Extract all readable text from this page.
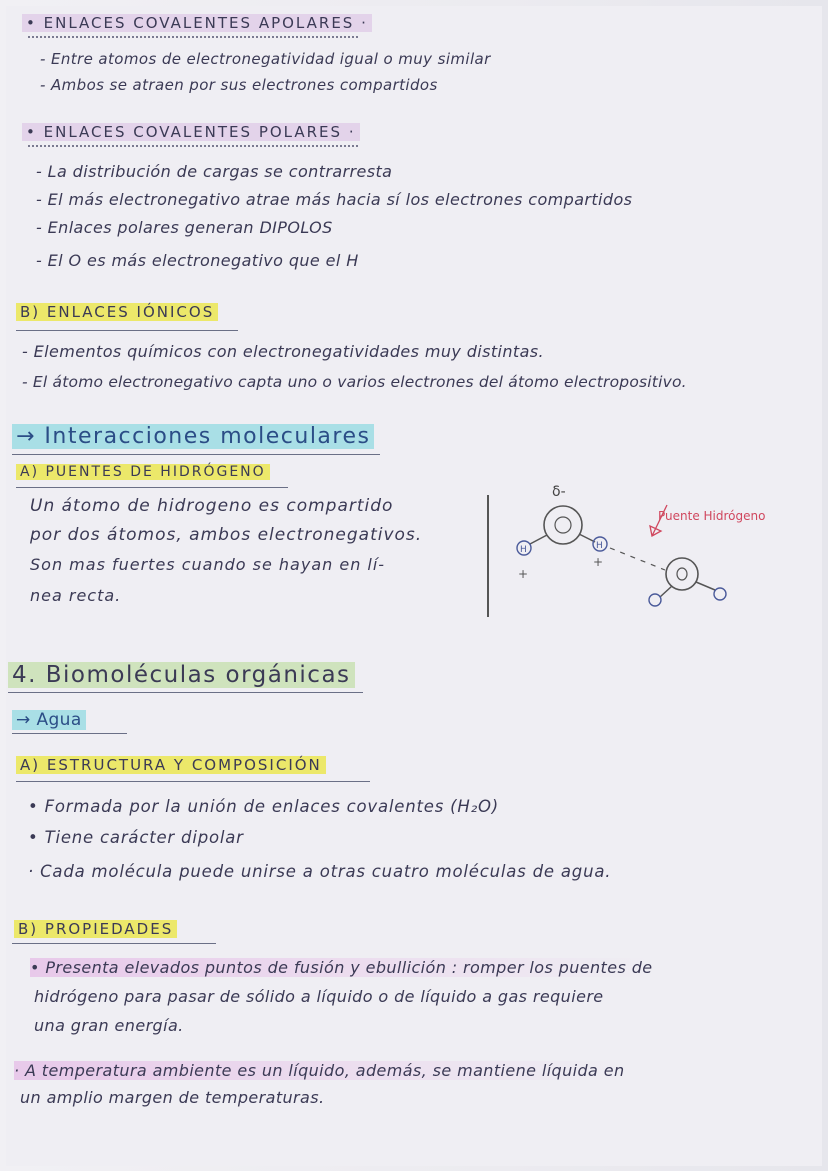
• ENLACES COVALENTES APOLARES ·
- Entre atomos de electronegatividad igual o muy similar
- Ambos se atraen por sus electrones compartidos
• ENLACES COVALENTES POLARES ·
- La distribución de cargas se contrarresta
- El más electronegativo atrae más hacia sí los electrones compartidos
- Enlaces polares generan DIPOLOS
- El O es más electronegativo que el H
B) ENLACES IÓNICOS
- Elementos químicos con electronegatividades muy distintas.
- El átomo electronegativo capta uno o varios electrones del átomo electropositivo.
→ Interacciones moleculares
A) PUENTES DE HIDRÓGENO
Un átomo de hidrogeno es compartido
por dos átomos, ambos electronegativos.
Son mas fuertes cuando se hayan en lí-
nea recta.
δ-
H	H
+
+
Puente Hidrógeno
4. Biomoléculas orgánicas
→ Agua
A) ESTRUCTURA Y COMPOSICIÓN
• Formada por la unión de enlaces covalentes (H₂O)
• Tiene carácter dipolar
· Cada molécula puede unirse a otras cuatro moléculas de agua.
B) PROPIEDADES
• Presenta elevados puntos de fusión y ebullición : romper los puentes de
hidrógeno para pasar de sólido a líquido o de líquido a gas requiere
una gran energía.
· A temperatura ambiente es un líquido, además, se mantiene líquida en
un amplio margen de temperaturas.
